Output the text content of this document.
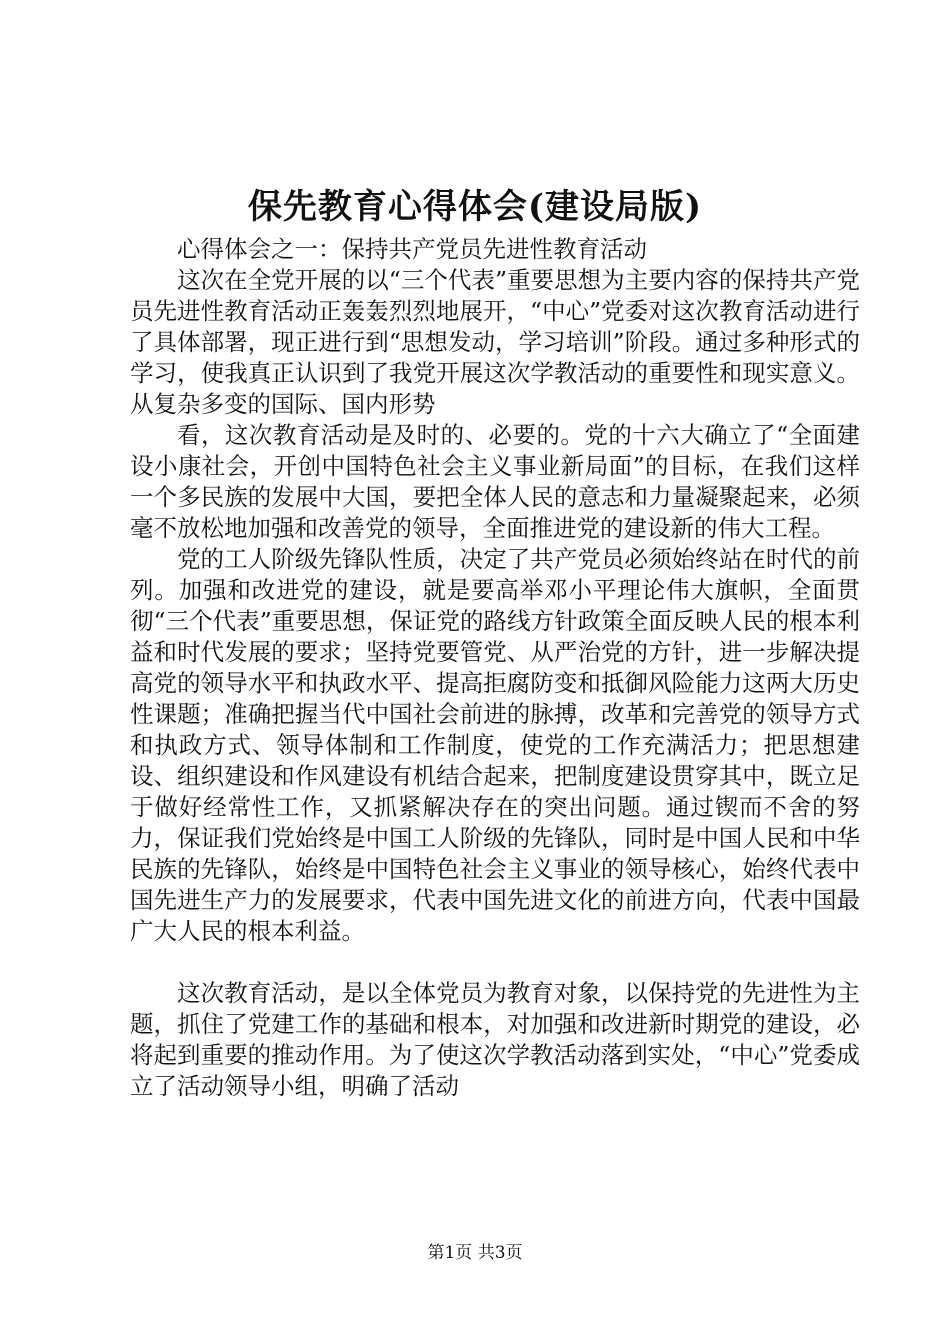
保先教育心得体会(建设局版)

心得体会之一：保持共产党员先进性教育活动

这次在全党开展的以“三个代表”重要思想为主要内容的保持共产党员先进性教育活动正轰轰烈烈地展开，“中心”党委对这次教育活动进行了具体部署，现正进行到“思想发动，学习培训”阶段。通过多种形式的学习，使我真正认识到了我党开展这次学教活动的重要性和现实意义。从复杂多变的国际、国内形势

看，这次教育活动是及时的、必要的。党的十六大确立了“全面建设小康社会，开创中国特色社会主义事业新局面”的目标，在我们这样一个多民族的发展中大国，要把全体人民的意志和力量凝聚起来，必须毫不放松地加强和改善党的领导，全面推进党的建设新的伟大工程。

党的工人阶级先锋队性质，决定了共产党员必须始终站在时代的前列。加强和改进党的建设，就是要高举邓小平理论伟大旗帜，全面贯彻“三个代表”重要思想，保证党的路线方针政策全面反映人民的根本利益和时代发展的要求；坚持党要管党、从严治党的方针，进一步解决提高党的领导水平和执政水平、提高拒腐防变和抵御风险能力这两大历史性课题；准确把握当代中国社会前进的脉搏，改革和完善党的领导方式和执政方式、领导体制和工作制度，使党的工作充满活力；把思想建设、组织建设和作风建设有机结合起来，把制度建设贯穿其中，既立足于做好经常性工作，又抓紧解决存在的突出问题。通过锲而不舍的努力，保证我们党始终是中国工人阶级的先锋队，同时是中国人民和中华民族的先锋队，始终是中国特色社会主义事业的领导核心，始终代表中国先进生产力的发展要求，代表中国先进文化的前进方向，代表中国最广大人民的根本利益。

这次教育活动，是以全体党员为教育对象，以保持党的先进性为主题，抓住了党建工作的基础和根本，对加强和改进新时期党的建设，必将起到重要的推动作用。为了使这次学教活动落到实处，“中心”党委成立了活动领导小组，明确了活动

第1页 共3页
